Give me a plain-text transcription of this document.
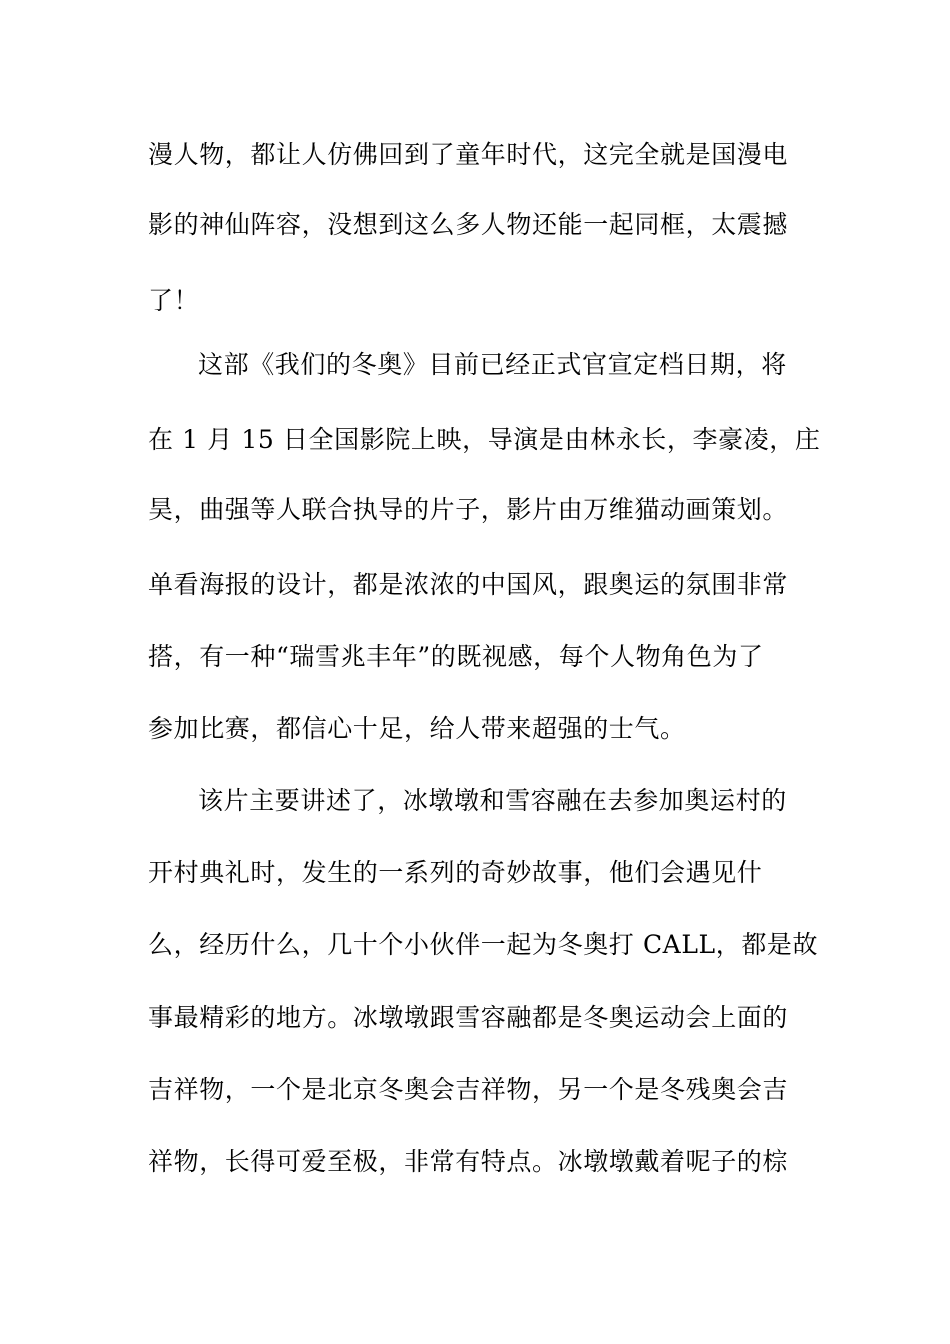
漫人物，都让人仿佛回到了童年时代，这完全就是国漫电
影的神仙阵容，没想到这么多人物还能一起同框，太震撼
了！
这部《我们的冬奥》目前已经正式官宣定档日期，将
在 1 月 15 日全国影院上映，导演是由林永长，李豪凌，庄
昊，曲强等人联合执导的片子，影片由万维猫动画策划。
单看海报的设计，都是浓浓的中国风，跟奥运的氛围非常
搭，有一种“瑞雪兆丰年”的既视感，每个人物角色为了
参加比赛，都信心十足，给人带来超强的士气。
该片主要讲述了，冰墩墩和雪容融在去参加奥运村的
开村典礼时，发生的一系列的奇妙故事，他们会遇见什
么，经历什么，几十个小伙伴一起为冬奥打 CALL，都是故
事最精彩的地方。冰墩墩跟雪容融都是冬奥运动会上面的
吉祥物，一个是北京冬奥会吉祥物，另一个是冬残奥会吉
祥物，长得可爱至极，非常有特点。冰墩墩戴着呢子的棕
